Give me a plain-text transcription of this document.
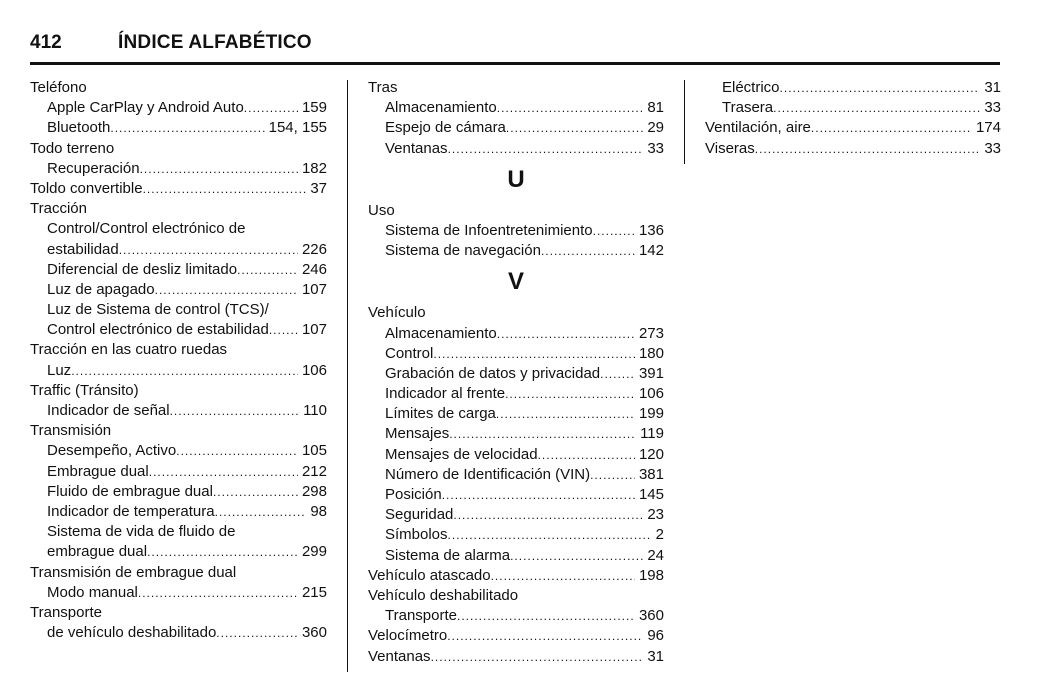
412	ÍNDICE ALFABÉTICO
Teléfono
Apple CarPlay y Android Auto .....	159
Bluetooth .....	154, 155
Todo terreno
Recuperación .....	182
Toldo convertible .....	37
Tracción
Control/Control electrónico de
estabilidad .....	226
Diferencial de desliz limitado .....	246
Luz de apagado .....	107
Luz de Sistema de control (TCS)/
Control electrónico de estabilidad ..... 107
Tracción en las cuatro ruedas
Luz .....	106
Traffic (Tránsito)
Indicador de señal .....	110
Transmisión
Desempeño, Activo .....	105
Embrague dual .....	212
Fluido de embrague dual .....	298
Indicador de temperatura .....	98
Sistema de vida de fluido de
embrague dual .....	299
Transmisión de embrague dual
Modo manual .....	215
Transporte
de vehículo deshabilitado .....	360
Tras
Almacenamiento .....	81
Espejo de cámara .....	29
Ventanas .....	33
U
Uso
Sistema de Infoentretenimiento .....	136
Sistema de navegación .....	142
V
Vehículo
Almacenamiento .....	273
Control .....	180
Grabación de datos y privacidad .....	391
Indicador al frente .....	106
Límites de carga .....	199
Mensajes .....	119
Mensajes de velocidad .....	120
Número de Identificación (VIN) .....	381
Posición .....	145
Seguridad .....	23
Símbolos .....	2
Sistema de alarma .....	24
Vehículo atascado .....	198
Vehículo deshabilitado
Transporte .....	360
Velocímetro .....	96
Ventanas .....	31
Eléctrico .....	31
Trasera .....	33
Ventilación, aire .....	174
Viseras .....	33
